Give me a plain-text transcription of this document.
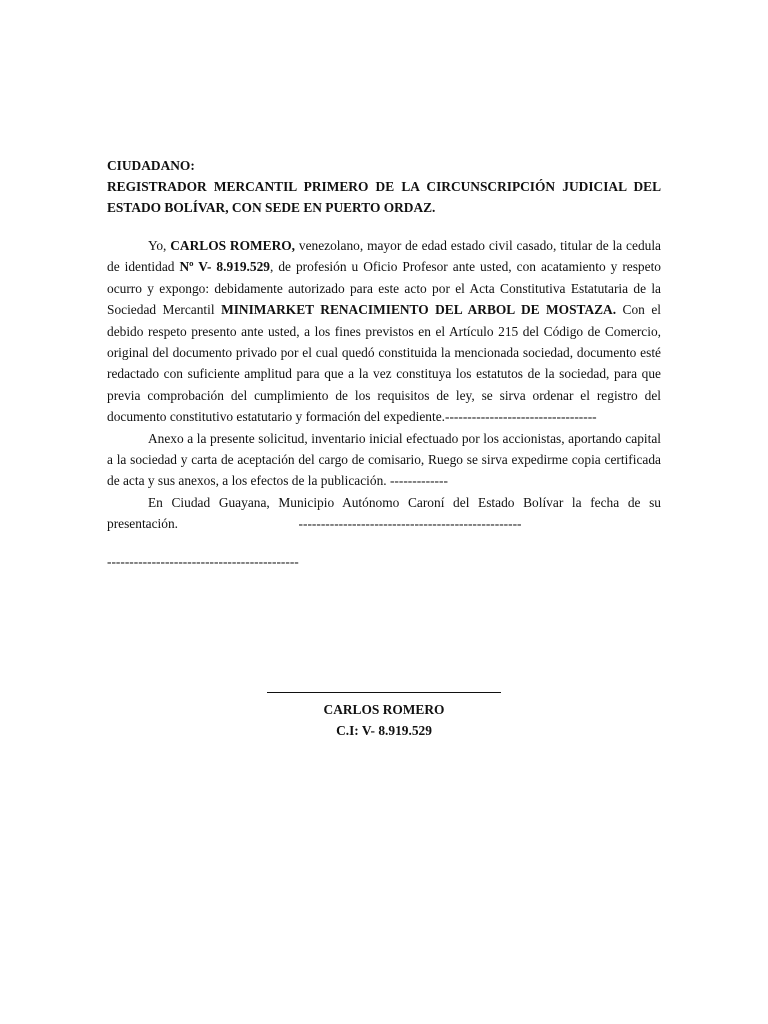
CIUDADANO:
REGISTRADOR MERCANTIL PRIMERO DE LA CIRCUNSCRIPCIÓN JUDICIAL DEL ESTADO BOLÍVAR, CON SEDE EN PUERTO ORDAZ.

Yo, CARLOS ROMERO, venezolano, mayor de edad estado civil casado, titular de la cedula de identidad Nº V- 8.919.529, de profesión u Oficio Profesor ante usted, con acatamiento y respeto ocurro y expongo: debidamente autorizado para este acto por el Acta Constitutiva Estatutaria de la Sociedad Mercantil MINIMARKET RENACIMIENTO DEL ARBOL DE MOSTAZA. Con el debido respeto presento ante usted, a los fines previstos en el Artículo 215 del Código de Comercio, original del documento privado por el cual quedó constituida la mencionada sociedad, documento esté redactado con suficiente amplitud para que a la vez constituya los estatutos de la sociedad, para que previa comprobación del cumplimiento de los requisitos de ley, se sirva ordenar el registro del documento constitutivo estatutario y formación del expediente.----------------------------------

Anexo a la presente solicitud, inventario inicial efectuado por los accionistas, aportando capital a la sociedad y carta de aceptación del cargo de comisario, Ruego se sirva expedirme copia certificada de acta y sus anexos, a los efectos de la publicación. -------------

En Ciudad Guayana, Municipio Autónomo Caroní del Estado Bolívar la fecha de su presentación.                                    --------------------------------------------------

-------------------------------------------
CARLOS ROMERO
C.I: V- 8.919.529
